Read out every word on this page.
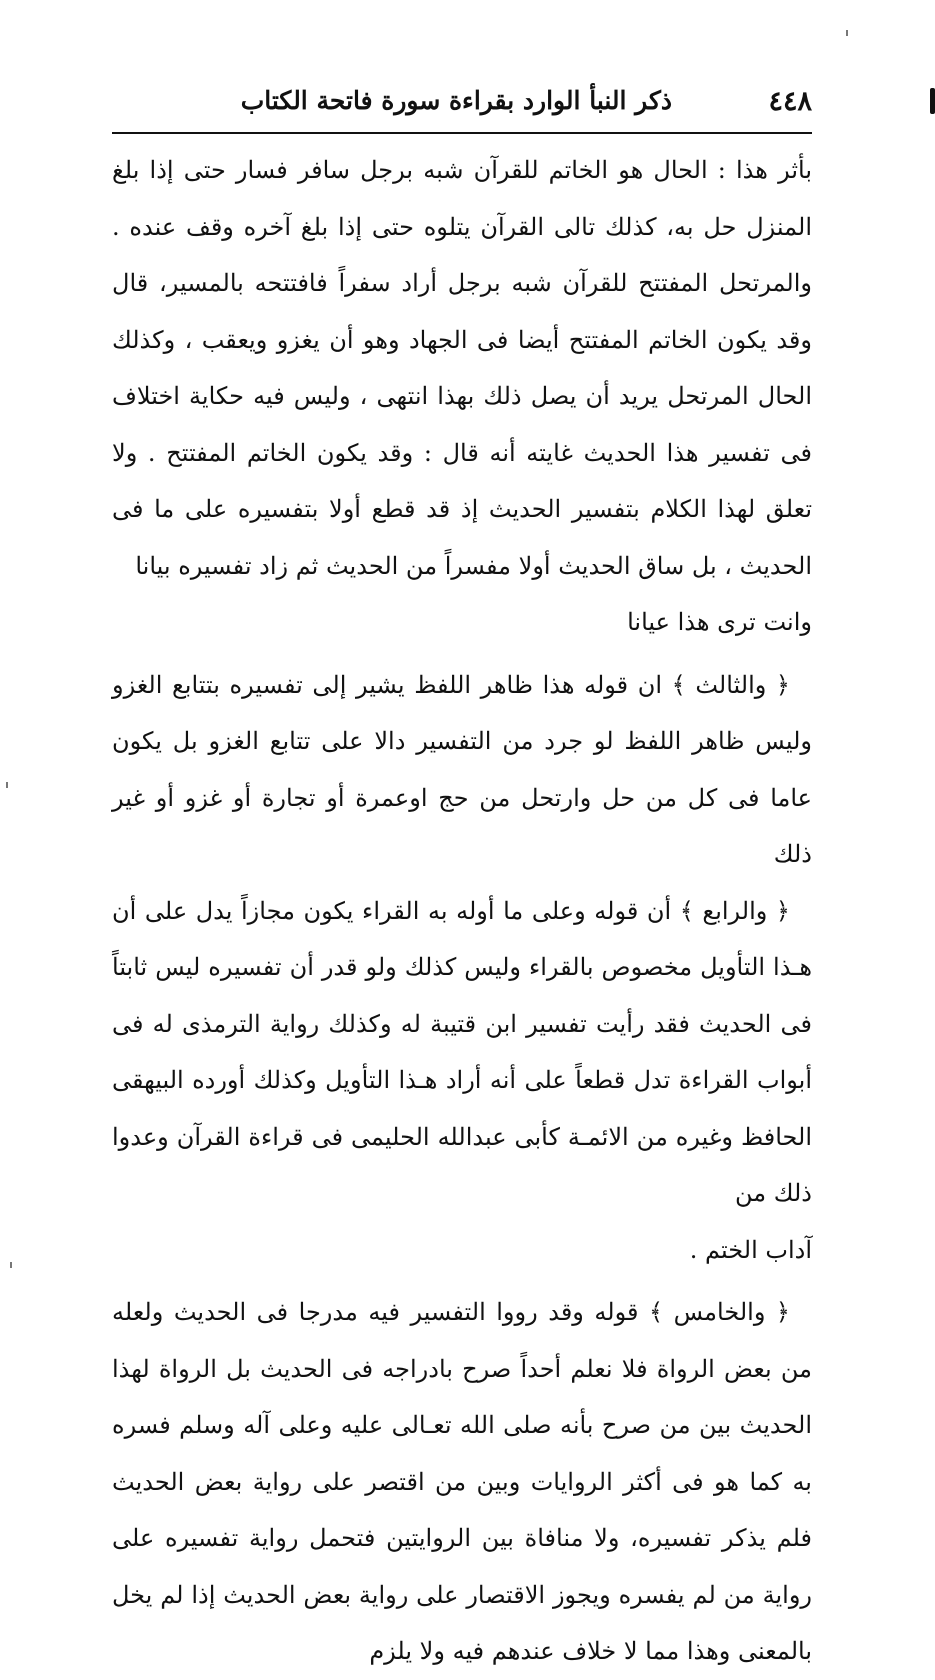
٤٤٨
ذكر النبأ الوارد بقراءة سورة فاتحة الكتاب

بأثر هذا : الحال هو الخاتم للقرآن شبه برجل سافر فسار حتى إذا بلغ المنزل حل به، كذلك تالى القرآن يتلوه حتى إذا بلغ آخره وقف عنده . والمرتحل المفتتح للقرآن شبه برجل أراد سفراً فافتتحه بالمسير، قال وقد يكون الخاتم المفتتح أيضا فى الجهاد وهو أن يغزو ويعقب ، وكذلك الحال المرتحل يريد أن يصل ذلك بهذا انتهى ، وليس فيه حكاية اختلاف فى تفسير هذا الحديث غايته أنه قال : وقد يكون الخاتم المفتتح . ولا تعلق لهذا الكلام بتفسير الحديث إذ قد قطع أولا بتفسيره على ما فى الحديث ، بل ساق الحديث أولا مفسراً من الحديث ثم زاد تفسيره بيانا

وانت ترى هذا عيانا

﴿ والثالث ﴾ ان قوله هذا ظاهر اللفظ يشير إلى تفسيره بتتابع الغزو وليس ظاهر اللفظ لو جرد من التفسير دالا على تتابع الغزو بل يكون عاما فى كل من حل وارتحل من حج اوعمرة أو تجارة أو غزو أو غير ذلك

﴿ والرابع ﴾ أن قوله وعلى ما أوله به القراء يكون مجازاً يدل على أن هـذا التأويل مخصوص بالقراء وليس كذلك ولو قدر أن تفسيره ليس ثابتاً فى الحديث فقد رأيت تفسير ابن قتيبة له وكذلك رواية الترمذى له فى أبواب القراءة تدل قطعاً على أنه أراد هـذا التأويل وكذلك أورده البيهقى الحافظ وغيره من الائمـة كأبى عبدالله الحليمى فى قراءة القرآن وعدوا ذلك من

آداب الختم .

﴿ والخامس ﴾ قوله وقد رووا التفسير فيه مدرجا فى الحديث ولعله من بعض الرواة فلا نعلم أحداً صرح بادراجه فى الحديث بل الرواة لهذا الحديث بين من صرح بأنه صلى الله تعـالى عليه وعلى آله وسلم فسره به كما هو فى أكثر الروايات وبين من اقتصر على رواية بعض الحديث فلم يذكر تفسيره، ولا منافاة بين الروايتين فتحمل رواية تفسيره على رواية من لم يفسره ويجوز الاقتصار على رواية بعض الحديث إذا لم يخل بالمعنى وهذا مما لا خلاف عندهم فيه ولا يلزم
